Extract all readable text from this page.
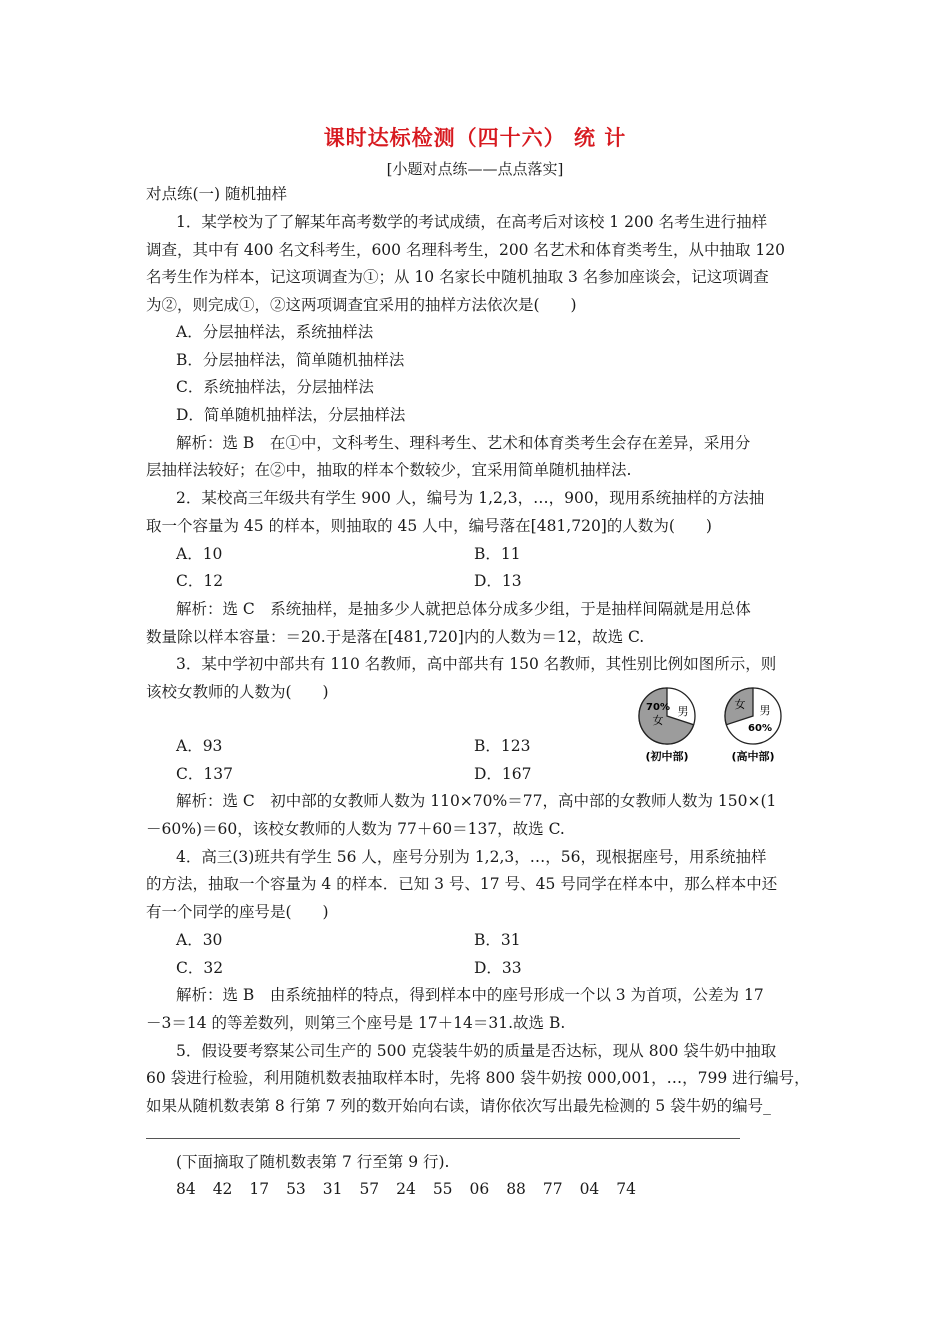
课时达标检测（四十六） 统 计
[小题对点练——点点落实]
对点练(一) 随机抽样
1．某学校为了了解某年高考数学的考试成绩，在高考后对该校 1 200 名考生进行抽样
调查，其中有 400 名文科考生，600 名理科考生，200 名艺术和体育类考生，从中抽取 120
名考生作为样本，记这项调查为①；从 10 名家长中随机抽取 3 名参加座谈会，记这项调查
为②，则完成①，②这两项调查宜采用的抽样方法依次是(　　)
A．分层抽样法，系统抽样法
B．分层抽样法，简单随机抽样法
C．系统抽样法，分层抽样法
D．简单随机抽样法，分层抽样法
解析：选 B　在①中，文科考生、理科考生、艺术和体育类考生会存在差异，采用分
层抽样法较好；在②中，抽取的样本个数较少，宜采用简单随机抽样法.
2．某校高三年级共有学生 900 人，编号为 1,2,3，…，900，现用系统抽样的方法抽
取一个容量为 45 的样本，则抽取的 45 人中，编号落在[481,720]的人数为(　　)
A．10	B．11
C．12	D．13
解析：选 C　系统抽样，是抽多少人就把总体分成多少组，于是抽样间隔就是用总体
数量除以样本容量：＝20.于是落在[481,720]内的人数为＝12，故选 C.
3．某中学初中部共有 110 名教师，高中部共有 150 名教师，其性别比例如图所示，则
该校女教师的人数为(　　)
70%
女
男
(初中部)
女 男
60%
(高中部)
A．93	B．123
C．137	D．167
解析：选 C　初中部的女教师人数为 110×70%＝77，高中部的女教师人数为 150×(1
－60%)＝60，该校女教师的人数为 77＋60＝137，故选 C.
4．高三(3)班共有学生 56 人，座号分别为 1,2,3，…，56，现根据座号，用系统抽样
的方法，抽取一个容量为 4 的样本．已知 3 号、17 号、45 号同学在样本中，那么样本中还
有一个同学的座号是(　　)
A．30	B．31
C．32	D．33
解析：选 B　由系统抽样的特点，得到样本中的座号形成一个以 3 为首项，公差为 17
－3＝14 的等差数列，则第三个座号是 17＋14＝31.故选 B.
5．假设要考察某公司生产的 500 克袋装牛奶的质量是否达标，现从 800 袋牛奶中抽取
60 袋进行检验，利用随机数表抽取样本时，先将 800 袋牛奶按 000,001，…，799 进行编号，
如果从随机数表第 8 行第 7 列的数开始向右读，请你依次写出最先检测的 5 袋牛奶的编号_
(下面摘取了随机数表第 7 行至第 9 行).
84 42 17 53 31 57 24 55 06 88 77 04 74
